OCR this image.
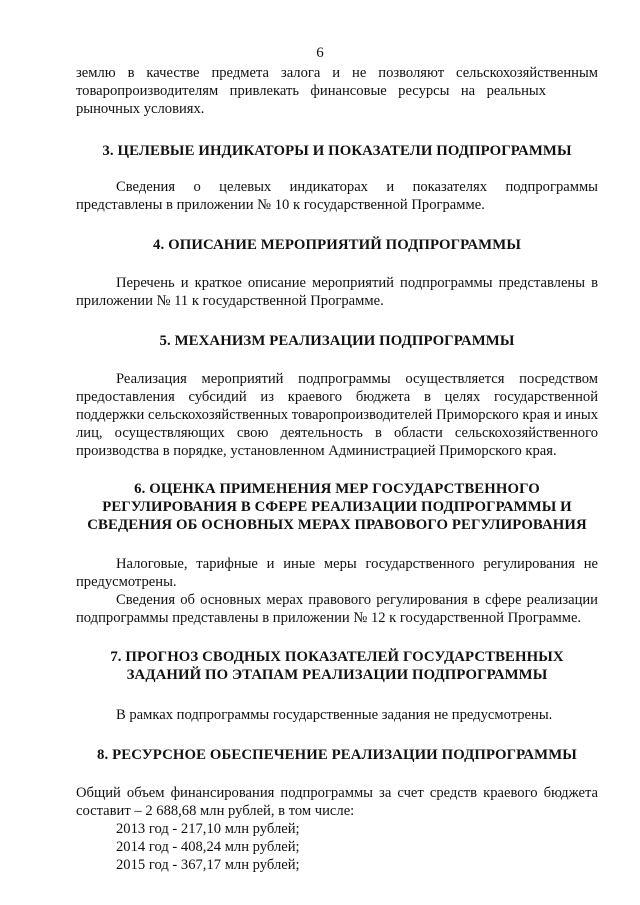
6

землю в качестве предмета залога и не позволяют сельскохозяйственным

товаропроизводителям привлекать финансовые ресурсы на реальных рыночных условиях.

3. ЦЕЛЕВЫЕ ИНДИКАТОРЫ И ПОКАЗАТЕЛИ ПОДПРОГРАММЫ

Сведения о целевых индикаторах и показателях подпрограммы представлены в приложении № 10 к государственной Программе.

4. ОПИСАНИЕ МЕРОПРИЯТИЙ ПОДПРОГРАММЫ

Перечень и краткое описание мероприятий подпрограммы представлены в приложении № 11 к государственной Программе.

5. МЕХАНИЗМ РЕАЛИЗАЦИИ ПОДПРОГРАММЫ

Реализация мероприятий подпрограммы осуществляется посредством предоставления субсидий из краевого бюджета в целях государственной поддержки сельскохозяйственных товаропроизводителей Приморского края и иных лиц, осуществляющих свою деятельность в области сельскохозяйственного производства в порядке, установленном Администрацией Приморского края.

6. ОЦЕНКА ПРИМЕНЕНИЯ МЕР ГОСУДАРСТВЕННОГО
РЕГУЛИРОВАНИЯ В СФЕРЕ РЕАЛИЗАЦИИ ПОДПРОГРАММЫ И
СВЕДЕНИЯ ОБ ОСНОВНЫХ МЕРАХ ПРАВОВОГО РЕГУЛИРОВАНИЯ

Налоговые, тарифные и иные меры государственного регулирования не предусмотрены.

Сведения об основных мерах правового регулирования в сфере реализации подпрограммы представлены в приложении № 12 к государственной Программе.

7. ПРОГНОЗ СВОДНЫХ ПОКАЗАТЕЛЕЙ ГОСУДАРСТВЕННЫХ
ЗАДАНИЙ ПО ЭТАПАМ РЕАЛИЗАЦИИ ПОДПРОГРАММЫ

В рамках подпрограммы государственные задания не предусмотрены.

8. РЕСУРСНОЕ ОБЕСПЕЧЕНИЕ РЕАЛИЗАЦИИ ПОДПРОГРАММЫ

Общий объем финансирования подпрограммы за счет средств краевого бюджета составит – 2 688,68 млн рублей, в том числе:

2013 год - 217,10 млн рублей;

2014 год - 408,24 млн рублей;

2015 год - 367,17 млн рублей;
